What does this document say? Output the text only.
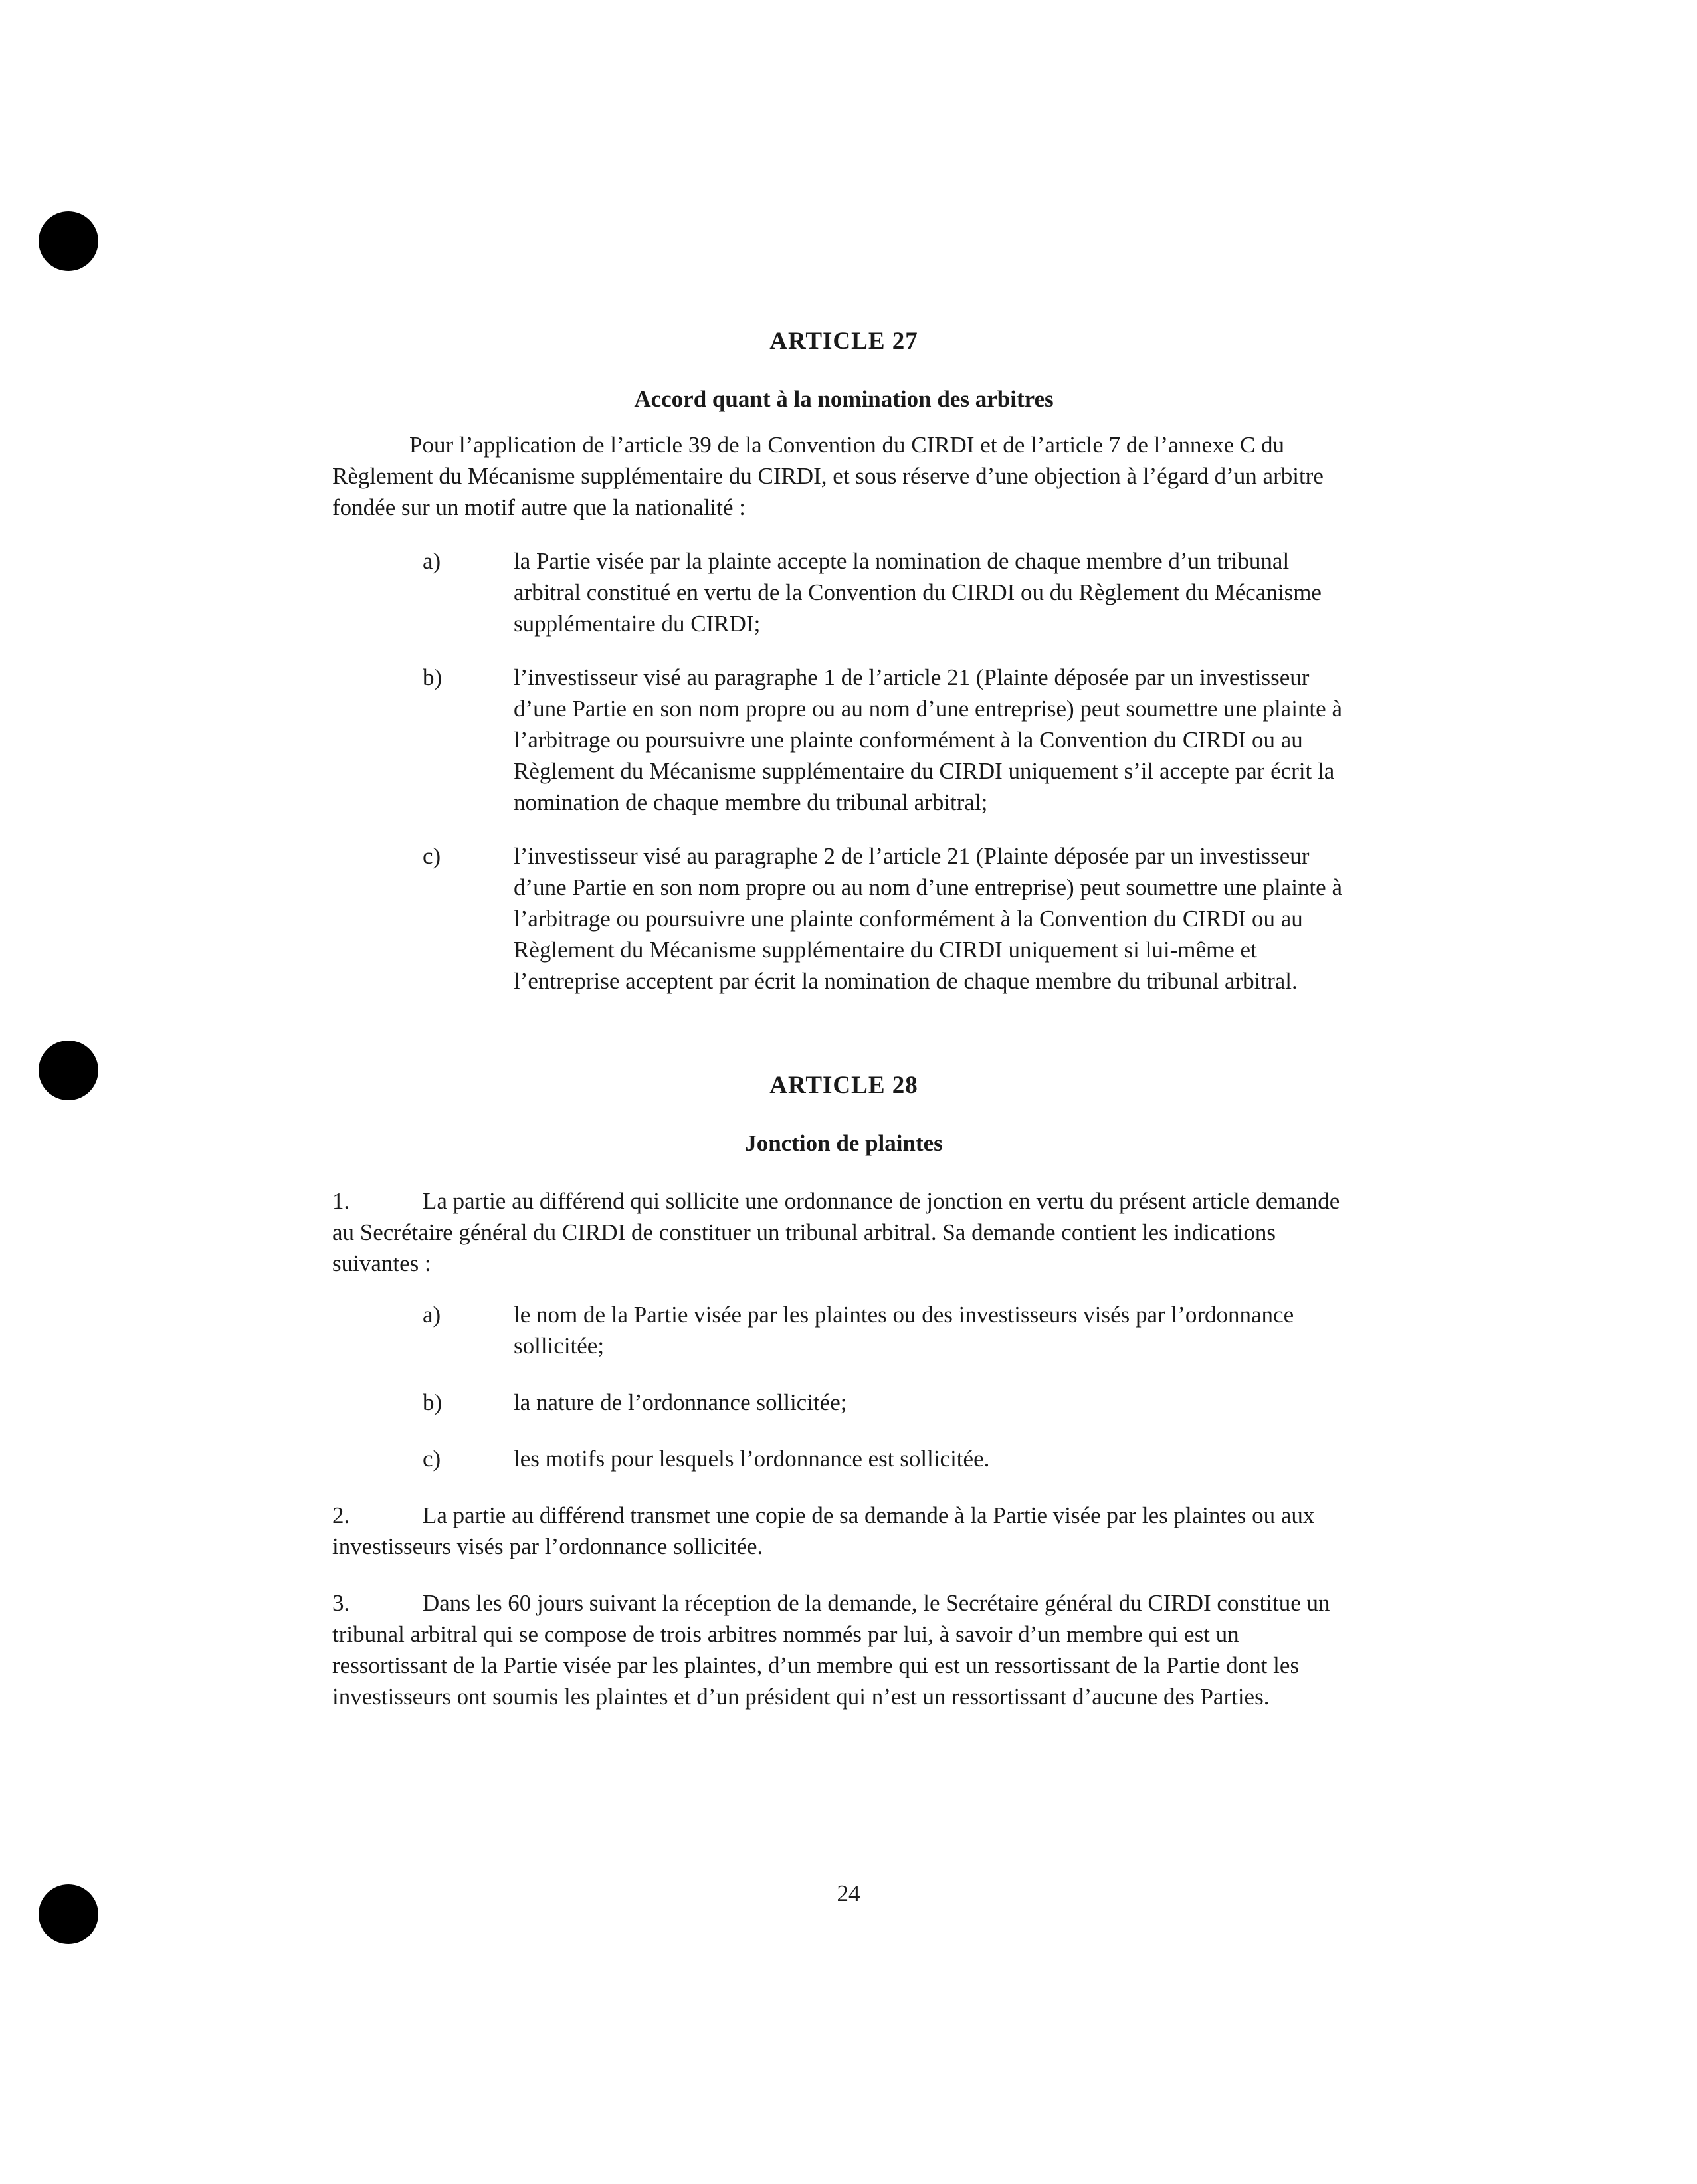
ARTICLE 27
Accord quant à la nomination des arbitres

Pour l’application de l’article 39 de la Convention du CIRDI et de l’article 7 de l’annexe C du Règlement du Mécanisme supplémentaire du CIRDI, et sous réserve d’une objection à l’égard d’un arbitre fondée sur un motif autre que la nationalité :

a)	la Partie visée par la plainte accepte la nomination de chaque membre d’un tribunal arbitral constitué en vertu de la Convention du CIRDI ou du Règlement du Mécanisme supplémentaire du CIRDI;
b)	l’investisseur visé au paragraphe 1 de l’article 21 (Plainte déposée par un investisseur d’une Partie en son nom propre ou au nom d’une entreprise) peut soumettre une plainte à l’arbitrage ou poursuivre une plainte conformément à la Convention du CIRDI ou au Règlement du Mécanisme supplémentaire du CIRDI uniquement s’il accepte par écrit la nomination de chaque membre du tribunal arbitral;
c)	l’investisseur visé au paragraphe 2 de l’article 21 (Plainte déposée par un investisseur d’une Partie en son nom propre ou au nom d’une entreprise) peut soumettre une plainte à l’arbitrage ou poursuivre une plainte conformément à la Convention du CIRDI ou au Règlement du Mécanisme supplémentaire du CIRDI uniquement si lui-même et l’entreprise acceptent par écrit la nomination de chaque membre du tribunal arbitral.
ARTICLE 28
Jonction de plaintes

1.	La partie au différend qui sollicite une ordonnance de jonction en vertu du présent article demande au Secrétaire général du CIRDI de constituer un tribunal arbitral. Sa demande contient les indications suivantes :

a)	le nom de la Partie visée par les plaintes ou des investisseurs visés par l’ordonnance sollicitée;
b)	la nature de l’ordonnance sollicitée;
c)	les motifs pour lesquels l’ordonnance est sollicitée.

2.	La partie au différend transmet une copie de sa demande à la Partie visée par les plaintes ou aux investisseurs visés par l’ordonnance sollicitée.

3.	Dans les 60 jours suivant la réception de la demande, le Secrétaire général du CIRDI constitue un tribunal arbitral qui se compose de trois arbitres nommés par lui, à savoir d’un membre qui est un ressortissant de la Partie visée par les plaintes, d’un membre qui est un ressortissant de la Partie dont les investisseurs ont soumis les plaintes et d’un président qui n’est un ressortissant d’aucune des Parties.

24
